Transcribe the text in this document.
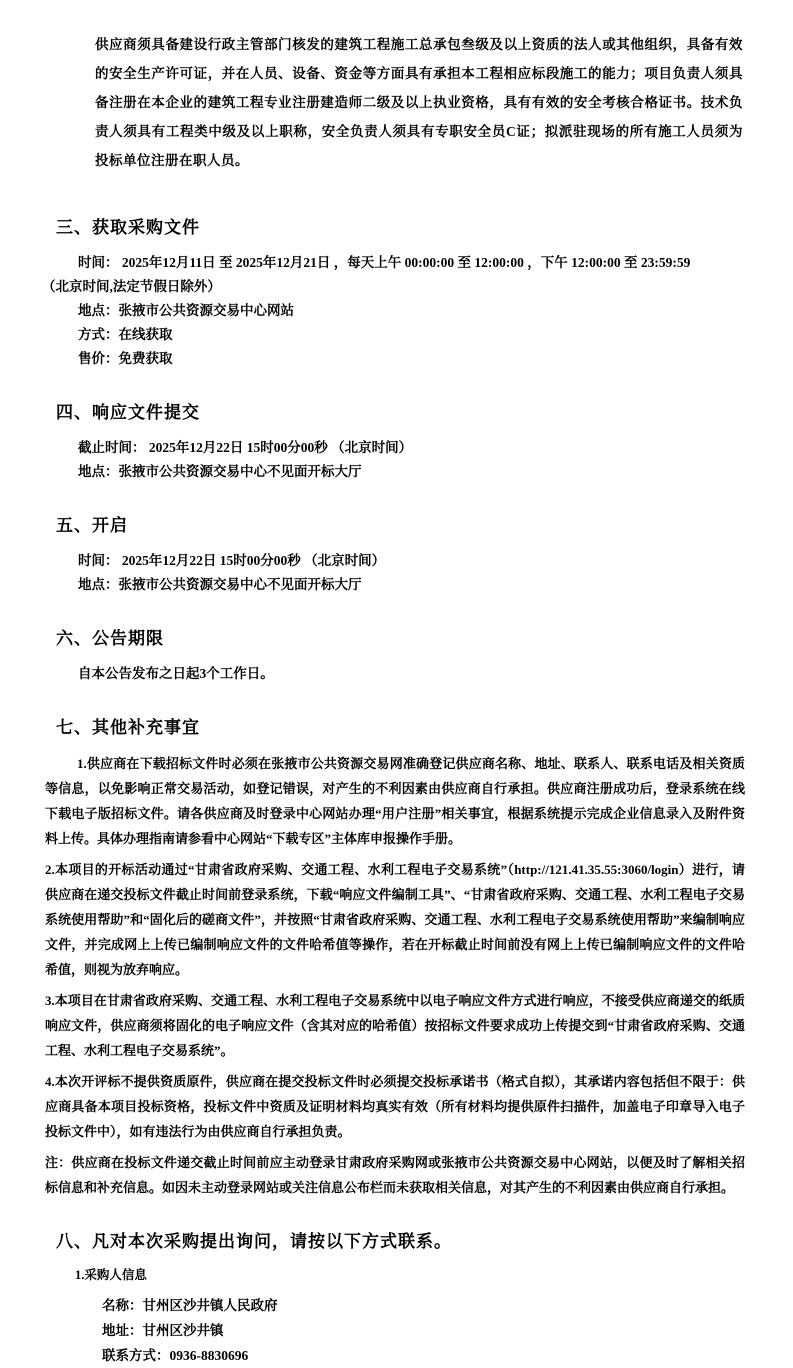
供应商须具备建设行政主管部门核发的建筑工程施工总承包叁级及以上资质的法人或其他组织，具备有效的安全生产许可证，并在人员、设备、资金等方面具有承担本工程相应标段施工的能力；项目负责人须具备注册在本企业的建筑工程专业注册建造师二级及以上执业资格，具有有效的安全考核合格证书。技术负责人须具有工程类中级及以上职称，安全负责人须具有专职安全员C证；拟派驻现场的所有施工人员须为投标单位注册在职人员。

三、获取采购文件

时间： 2025年12月11日 至 2025年12月21日 ，每天上午 00:00:00 至 12:00:00 ，下午 12:00:00 至 23:59:59

（北京时间,法定节假日除外）

地点：张掖市公共资源交易中心网站

方式：在线获取

售价：免费获取

四、响应文件提交

截止时间： 2025年12月22日 15时00分00秒 （北京时间）

地点：张掖市公共资源交易中心不见面开标大厅

五、开启

时间： 2025年12月22日 15时00分00秒 （北京时间）

地点：张掖市公共资源交易中心不见面开标大厅

六、公告期限

自本公告发布之日起3个工作日。

七、其他补充事宜

1.供应商在下载招标文件时必须在张掖市公共资源交易网准确登记供应商名称、地址、联系人、联系电话及相关资质等信息，以免影响正常交易活动，如登记错误，对产生的不利因素由供应商自行承担。供应商注册成功后，登录系统在线下载电子版招标文件。请各供应商及时登录中心网站办理“用户注册”相关事宜，根据系统提示完成企业信息录入及附件资料上传。具体办理指南请参看中心网站“下载专区”主体库申报操作手册。

2.本项目的开标活动通过“甘肃省政府采购、交通工程、水利工程电子交易系统”（http://121.41.35.55:3060/login）进行，请供应商在递交投标文件截止时间前登录系统，下载“响应文件编制工具”、“甘肃省政府采购、交通工程、水利工程电子交易系统使用帮助”和“固化后的磋商文件”，并按照“甘肃省政府采购、交通工程、水利工程电子交易系统使用帮助”来编制响应文件，并完成网上上传已编制响应文件的文件哈希值等操作，若在开标截止时间前没有网上上传已编制响应文件的文件哈希值，则视为放弃响应。

3.本项目在甘肃省政府采购、交通工程、水利工程电子交易系统中以电子响应文件方式进行响应，不接受供应商递交的纸质响应文件，供应商须将固化的电子响应文件（含其对应的哈希值）按招标文件要求成功上传提交到“甘肃省政府采购、交通工程、水利工程电子交易系统”。

4.本次开评标不提供资质原件，供应商在提交投标文件时必须提交投标承诺书（格式自拟），其承诺内容包括但不限于：供应商具备本项目投标资格，投标文件中资质及证明材料均真实有效（所有材料均提供原件扫描件，加盖电子印章导入电子投标文件中），如有违法行为由供应商自行承担负责。

注：供应商在投标文件递交截止时间前应主动登录甘肃政府采购网或张掖市公共资源交易中心网站，以便及时了解相关招标信息和补充信息。如因未主动登录网站或关注信息公布栏而未获取相关信息，对其产生的不利因素由供应商自行承担。

八、凡对本次采购提出询问，请按以下方式联系。

1.采购人信息

名称：甘州区沙井镇人民政府

地址：甘州区沙井镇

联系方式：0936-8830696
